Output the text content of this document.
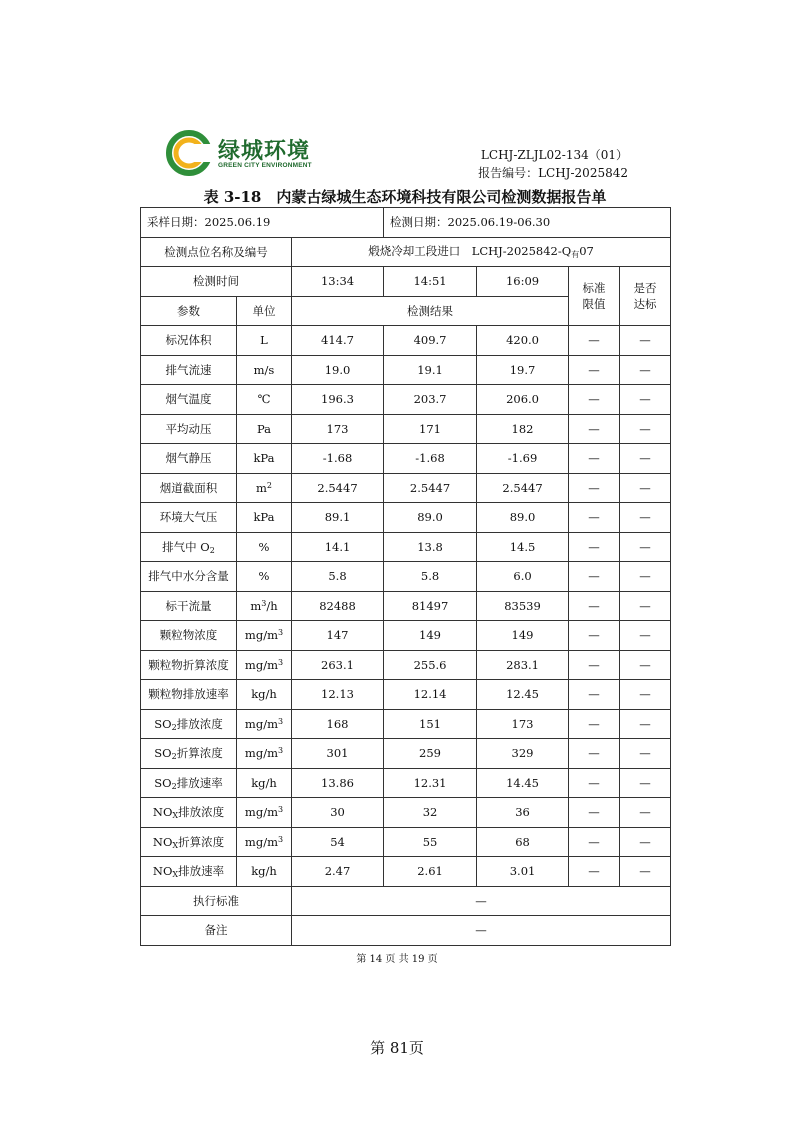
绿城环境
GREEN CITY ENVIRONMENT
LCHJ-ZLJL02-134（01）
报告编号：LCHJ-2025842
表 3-18　内蒙古绿城生态环境科技有限公司检测数据报告单
采样日期：2025.06.19			检测日期：2025.06.19-06.30			
检测点位名称及编号		煅烧冷却工段进口　LCHJ-$2025842-Q_有07$				
检测时间		13:34	14:51	16:09	标准限值	是否达标

参数	单位	检测结果				
标况体积	L	414.7	409.7	420.0	—	—
排气流速	m/s	19.0	19.1	19.7	—	—
烟气温度	℃	196.3	203.7	206.0	—	—
平均动压	Pa	173	171	182	—	—
烟气静压	kPa	-1.68	-1.68	-1.69	—	—
烟道截面积	$m^2$	2.5447	2.5447	2.5447	—	—
环境大气压	kPa	89.1	89.0	89.0	—	—
排气中 $O_2$	%	14.1	13.8	14.5	—	—
排气中水分含量	%	5.8	5.8	6.0	—	—
标干流量	$m^3/h$	82488	81497	83539	—	—
颗粒物浓度	$mg/m^3$	147	149	149	—	—
颗粒物折算浓度	$mg/m^3$	263.1	255.6	283.1	—	—
颗粒物排放速率	kg/h	12.13	12.14	12.45	—	—
$SO_2$排放浓度	$mg/m^3$	168	151	173	—	—
$SO_2$折算浓度	$mg/m^3$	301	259	329	—	—
$SO_2$排放速率	kg/h	13.86	12.31	14.45	—	—
$NO_X$排放浓度	$mg/m^3$	30	32	36	—	—
$NO_X$折算浓度	$mg/m^3$	54	55	68	—	—
$NO_X$排放速率	kg/h	2.47	2.61	3.01	—	—
执行标准		—				
备注		—				
第 14 页 共 19 页
第 81页
